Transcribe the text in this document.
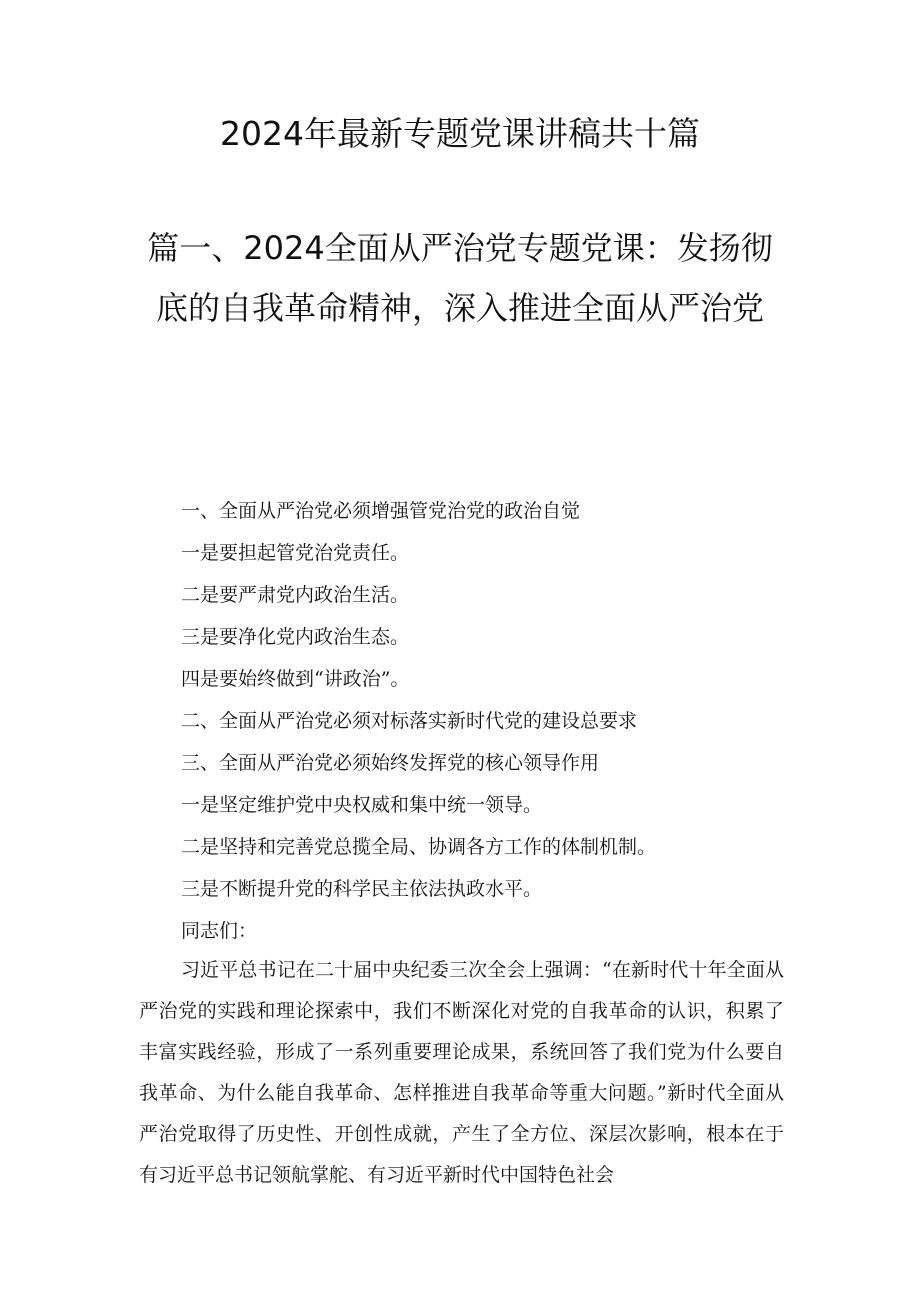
2024年最新专题党课讲稿共十篇
篇一、2024全面从严治党专题党课：发扬彻底的自我革命精神，深入推进全面从严治党
一、全面从严治党必须增强管党治党的政治自觉
一是要担起管党治党责任。
二是要严肃党内政治生活。
三是要净化党内政治生态。
四是要始终做到“讲政治”。
二、全面从严治党必须对标落实新时代党的建设总要求
三、全面从严治党必须始终发挥党的核心领导作用
一是坚定维护党中央权威和集中统一领导。
二是坚持和完善党总揽全局、协调各方工作的体制机制。
三是不断提升党的科学民主依法执政水平。
同志们：

习近平总书记在二十届中央纪委三次全会上强调：“在新时代十年全面从严治党的实践和理论探索中，我们不断深化对党的自我革命的认识，积累了丰富实践经验，形成了一系列重要理论成果，系统回答了我们党为什么要自我革命、为什么能自我革命、怎样推进自我革命等重大问题。”新时代全面从严治党取得了历史性、开创性成就，产生了全方位、深层次影响，根本在于有习近平总书记领航掌舵、有习近平新时代中国特色社会
